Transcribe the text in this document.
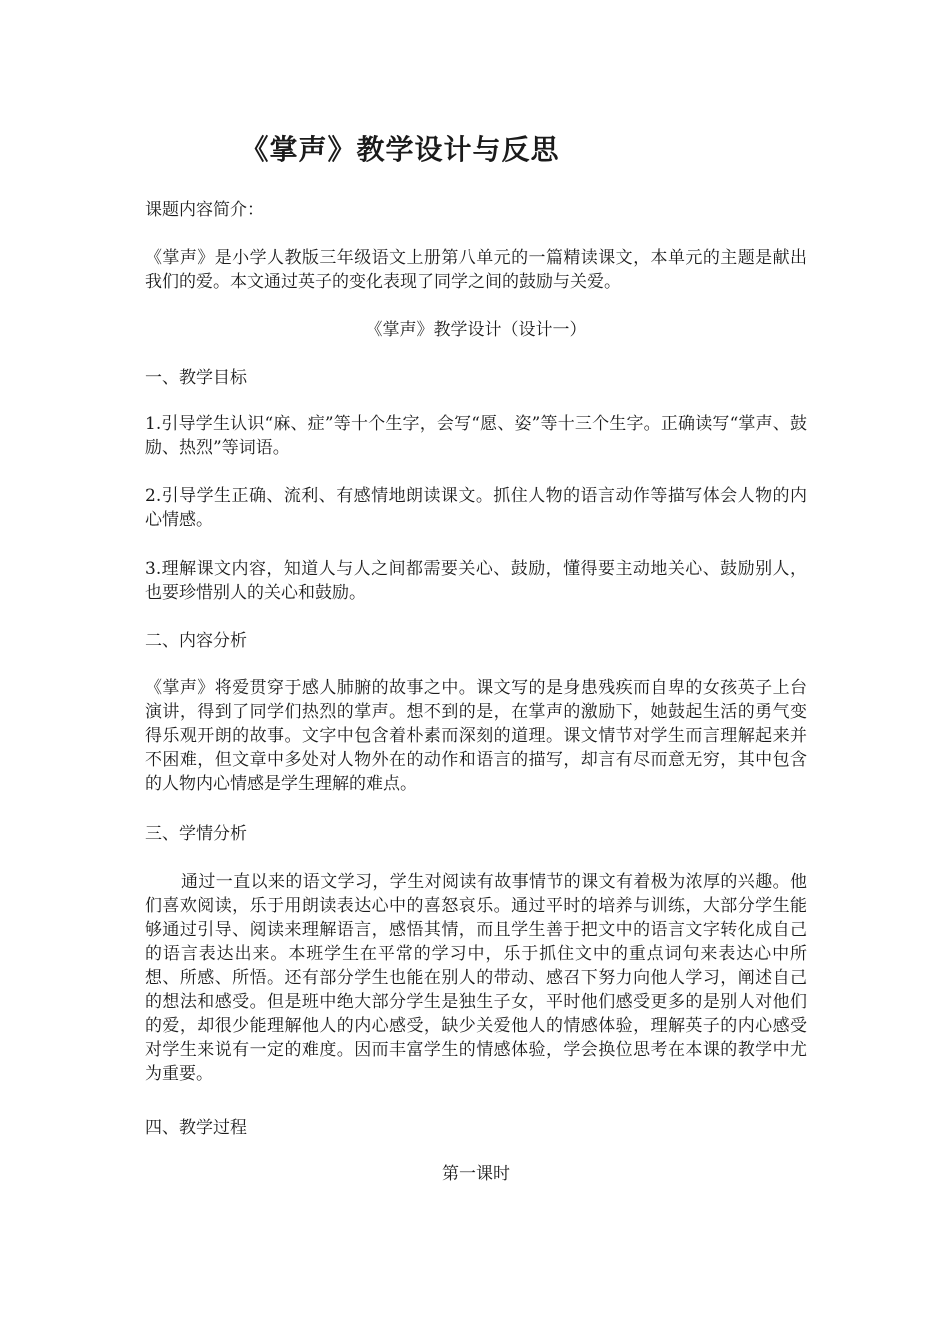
《掌声》教学设计与反思

课题内容简介：

《掌声》是小学人教版三年级语文上册第八单元的一篇精读课文，本单元的主题是献出我们的爱。本文通过英子的变化表现了同学之间的鼓励与关爱。

《掌声》教学设计（设计一）

一、教学目标

1.引导学生认识“麻、症”等十个生字，会写“愿、姿”等十三个生字。正确读写“掌声、鼓励、热烈”等词语。

2.引导学生正确、流利、有感情地朗读课文。抓住人物的语言动作等描写体会人物的内心情感。

3.理解课文内容，知道人与人之间都需要关心、鼓励，懂得要主动地关心、鼓励别人，也要珍惜别人的关心和鼓励。

二、内容分析

《掌声》将爱贯穿于感人肺腑的故事之中。课文写的是身患残疾而自卑的女孩英子上台演讲，得到了同学们热烈的掌声。想不到的是，在掌声的激励下，她鼓起生活的勇气变得乐观开朗的故事。文字中包含着朴素而深刻的道理。课文情节对学生而言理解起来并不困难，但文章中多处对人物外在的动作和语言的描写，却言有尽而意无穷，其中包含的人物内心情感是学生理解的难点。

三、学情分析

通过一直以来的语文学习，学生对阅读有故事情节的课文有着极为浓厚的兴趣。他们喜欢阅读，乐于用朗读表达心中的喜怒哀乐。通过平时的培养与训练，大部分学生能够通过引导、阅读来理解语言，感悟其情，而且学生善于把文中的语言文字转化成自己的语言表达出来。本班学生在平常的学习中，乐于抓住文中的重点词句来表达心中所想、所感、所悟。还有部分学生也能在别人的带动、感召下努力向他人学习，阐述自己的想法和感受。但是班中绝大部分学生是独生子女，平时他们感受更多的是别人对他们的爱，却很少能理解他人的内心感受，缺少关爱他人的情感体验，理解英子的内心感受对学生来说有一定的难度。因而丰富学生的情感体验，学会换位思考在本课的教学中尤为重要。

四、教学过程

第一课时
